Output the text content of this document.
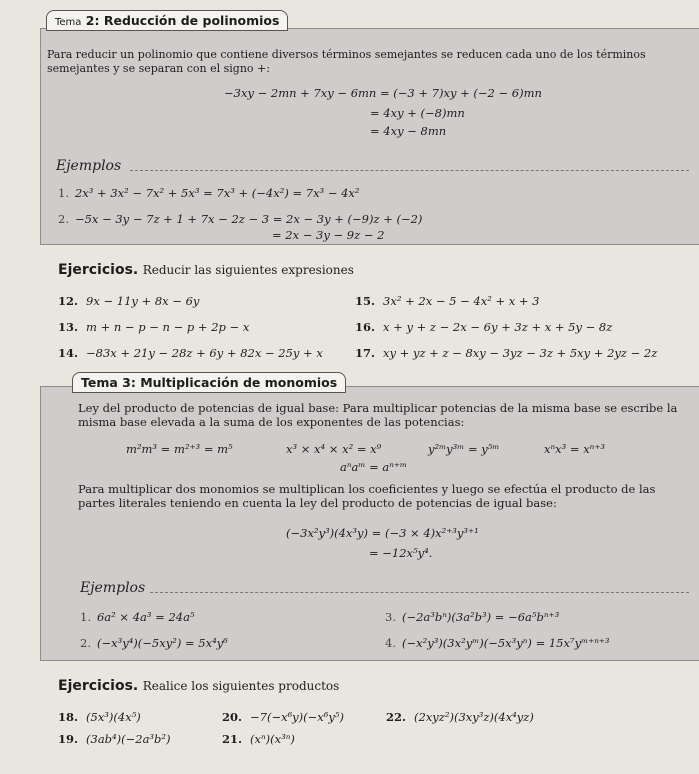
Tema 2: Reducción de polinomios
Para reducir un polinomio que contiene diversos términos semejantes se reducen cada uno de los términos semejantes y se separan con el signo +:
−3xy − 2mn + 7xy − 6mn = (−3 + 7)xy + (−2 − 6)mn
= 4xy + (−8)mn
= 4xy − 8mn
Ejemplos
1. 2x³ + 3x² − 7x² + 5x³ = 7x³ + (−4x²) = 7x³ − 4x²
2. −5x − 3y − 7z + 1 + 7x − 2z − 3 = 2x − 3y + (−9)z + (−2)
= 2x − 3y − 9z − 2
Ejercicios. Reducir las siguientes expresiones
12. 9x − 11y + 8x − 6y	15. 3x² + 2x − 5 − 4x² + x + 3
13. m + n − p − n − p + 2p − x	16. x + y + z − 2x − 6y + 3z + x + 5y − 8z
14. −83x + 21y − 28z + 6y + 82x − 25y + x	17. xy + yz + z − 8xy − 3yz − 3z + 5xy + 2yz − 2z
Tema 3: Multiplicación de monomios
Ley del producto de potencias de igual base: Para multiplicar potencias de la misma base se escribe la misma base elevada a la suma de los exponentes de las potencias:
m²m³ = m²⁺³ = m⁵	x³ × x⁴ × x² = x⁹	y²ᵐy³ᵐ = y⁵ᵐ	xⁿx³ = xⁿ⁺³
aⁿaᵐ = aⁿ⁺ᵐ
Para multiplicar dos monomios se multiplican los coeficientes y luego se efectúa el producto de las partes literales teniendo en cuenta la ley del producto de potencias de igual base:
(−3x²y³)(4x³y) = (−3 × 4)x²⁺³y³⁺¹
= −12x⁵y⁴.
Ejemplos
1. 6a² × 4a³ = 24a⁵	3. (−2a³bⁿ)(3a²b³) = −6a⁵bⁿ⁺³
2. (−x³y⁴)(−5xy²) = 5x⁴y⁶	4. (−x²y³)(3x²yᵐ)(−5x³yⁿ) = 15x⁷yᵐ⁺ⁿ⁺³
Ejercicios. Realice los siguientes productos
18. (5x³)(4x⁵)	20. −7(−x⁶y)(−x⁶y⁵)	22. (2xyz²)(3xy³z)(4x⁴yz)
19. (3ab⁴)(−2a³b²)	21. (xⁿ)(x³ⁿ)
